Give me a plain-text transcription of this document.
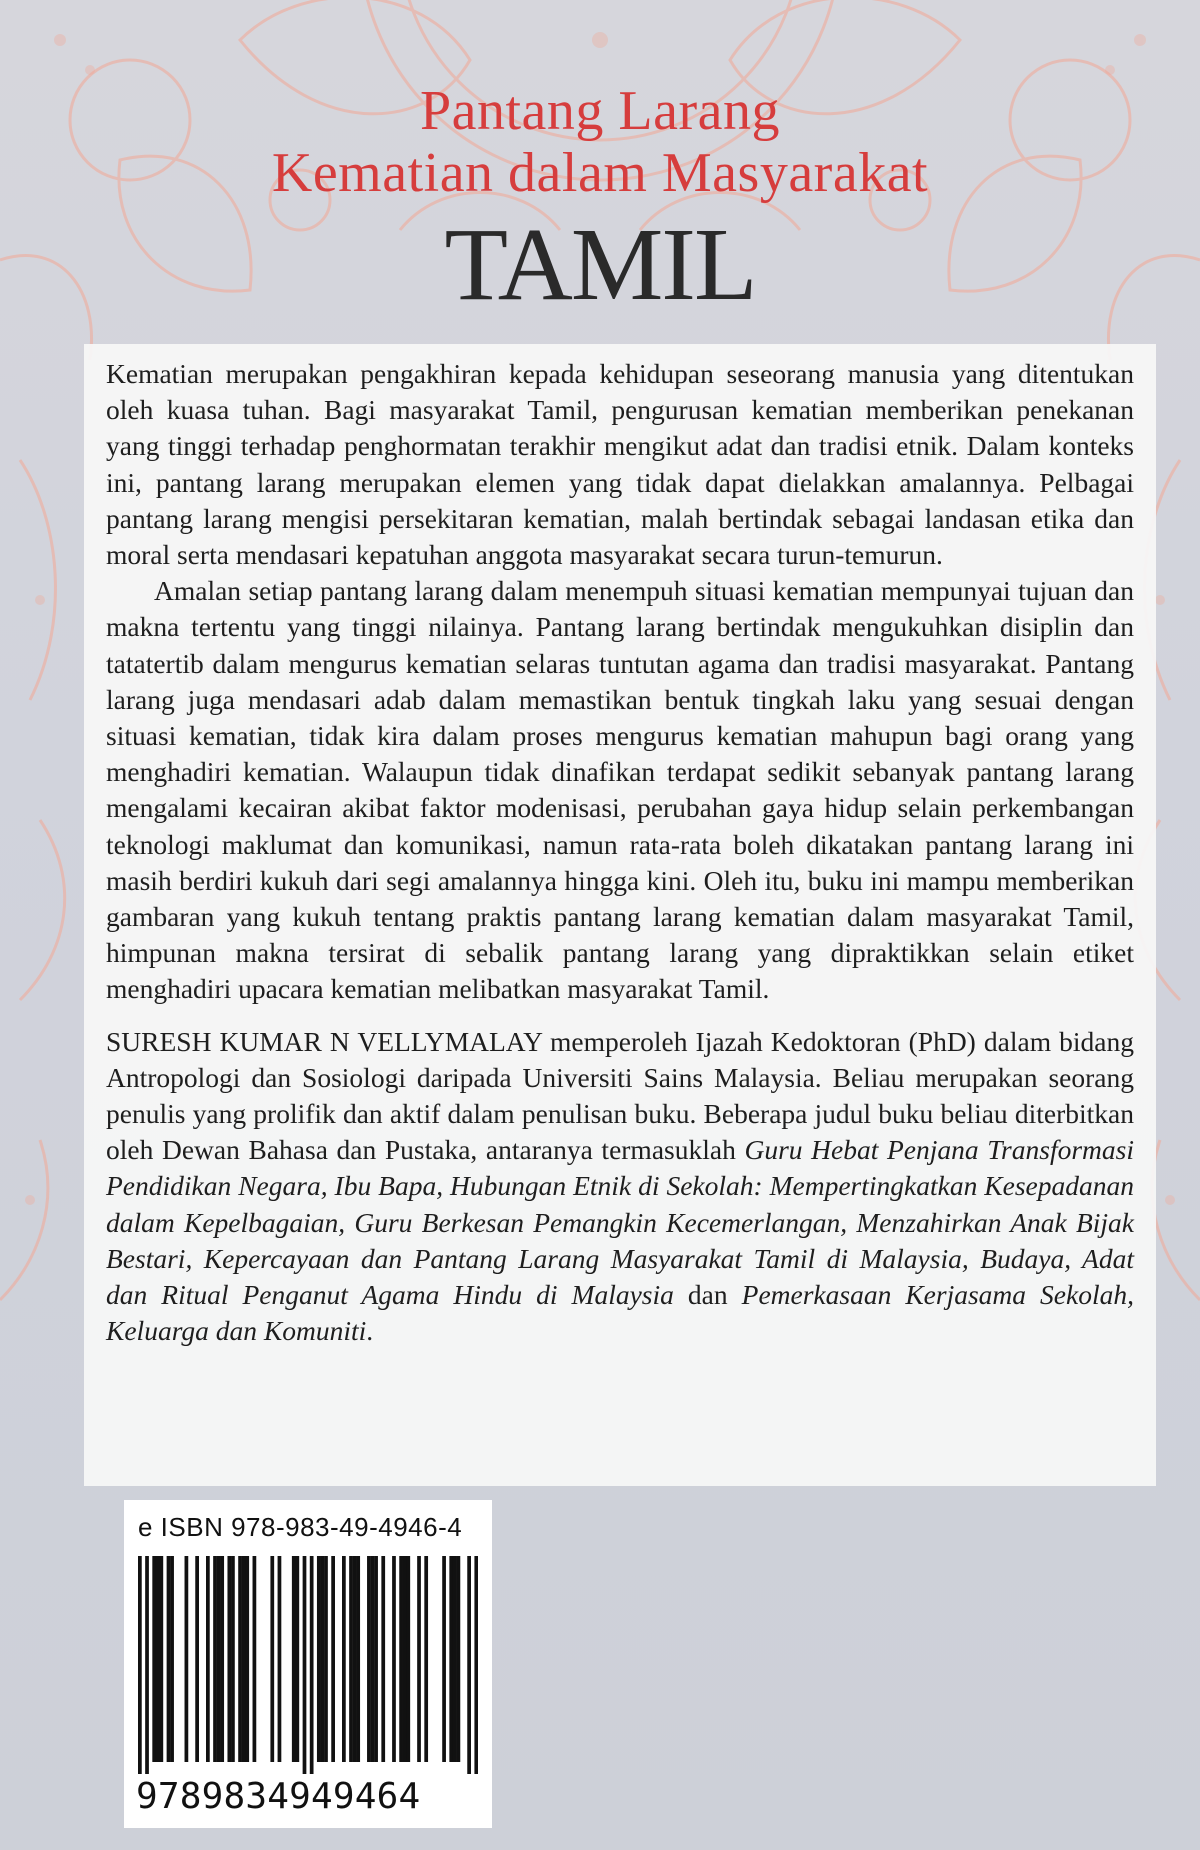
Pantang Larang
Kematian dalam Masyarakat
TAMIL

Kematian merupakan pengakhiran kepada kehidupan seseorang manusia yang ditentukan oleh kuasa tuhan. Bagi masyarakat Tamil, pengurusan kematian memberikan penekanan yang tinggi terhadap penghormatan terakhir mengikut adat dan tradisi etnik. Dalam konteks ini, pantang larang merupakan elemen yang tidak dapat dielakkan amalannya. Pelbagai pantang larang mengisi persekitaran kematian, malah bertindak sebagai landasan etika dan moral serta mendasari kepatuhan anggota masyarakat secara turun-temurun.

Amalan setiap pantang larang dalam menempuh situasi kematian mempunyai tujuan dan makna tertentu yang tinggi nilainya. Pantang larang bertindak mengukuhkan disiplin dan tatatertib dalam mengurus kematian selaras tuntutan agama dan tradisi masyarakat. Pantang larang juga mendasari adab dalam memastikan bentuk tingkah laku yang sesuai dengan situasi kematian, tidak kira dalam proses mengurus kematian mahupun bagi orang yang menghadiri kematian. Walaupun tidak dinafikan terdapat sedikit sebanyak pantang larang mengalami kecairan akibat faktor modenisasi, perubahan gaya hidup selain perkembangan teknologi maklumat dan komunikasi, namun rata-rata boleh dikatakan pantang larang ini masih berdiri kukuh dari segi amalannya hingga kini. Oleh itu, buku ini mampu memberikan gambaran yang kukuh tentang praktis pantang larang kematian dalam masyarakat Tamil, himpunan makna tersirat di sebalik pantang larang yang dipraktikkan selain etiket menghadiri upacara kematian melibatkan masyarakat Tamil.

SURESH KUMAR N VELLYMALAY memperoleh Ijazah Kedoktoran (PhD) dalam bidang Antropologi dan Sosiologi daripada Universiti Sains Malaysia. Beliau merupakan seorang penulis yang prolifik dan aktif dalam penulisan buku. Beberapa judul buku beliau diterbitkan oleh Dewan Bahasa dan Pustaka, antaranya termasuklah Guru Hebat Penjana Transformasi Pendidikan Negara, Ibu Bapa, Hubungan Etnik di Sekolah: Mempertingkatkan Kesepadanan dalam Kepelbagaian, Guru Berkesan Pemangkin Kecemerlangan, Menzahirkan Anak Bijak Bestari, Kepercayaan dan Pantang Larang Masyarakat Tamil di Malaysia, Budaya, Adat dan Ritual Penganut Agama Hindu di Malaysia dan Pemerkasaan Kerjasama Sekolah, Keluarga dan Komuniti.

e ISBN 978-983-49-4946-4
9789834949464
